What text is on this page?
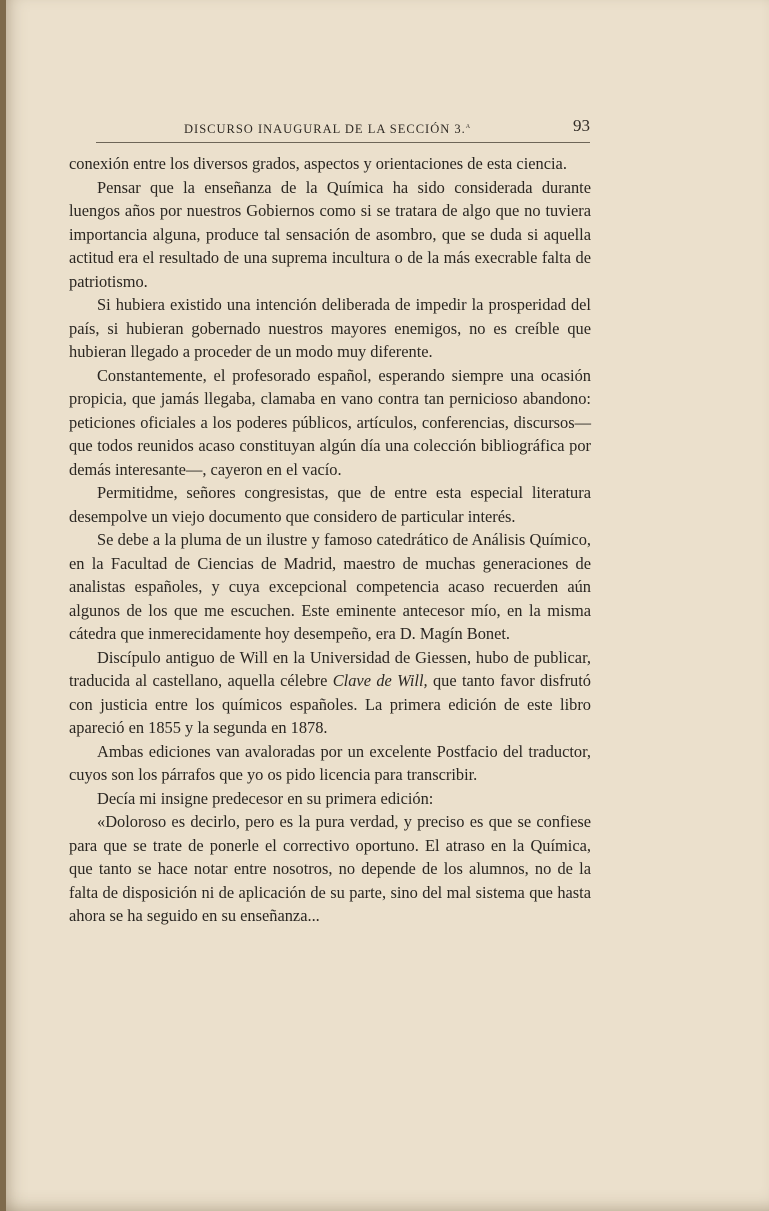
DISCURSO INAUGURAL DE LA SECCIÓN 3.$^a$	93

conexión entre los diversos grados, aspectos y orientaciones de esta ciencia.

Pensar que la enseñanza de la Química ha sido considerada durante luengos años por nuestros Gobiernos como si se tratara de algo que no tuviera importancia alguna, produce tal sensación de asombro, que se duda si aquella actitud era el resultado de una suprema incultura o de la más execrable falta de patriotismo.

Si hubiera existido una intención deliberada de impedir la prosperidad del país, si hubieran gobernado nuestros mayores enemigos, no es creíble que hubieran llegado a proceder de un modo muy diferente.

Constantemente, el profesorado español, esperando siempre una ocasión propicia, que jamás llegaba, clamaba en vano contra tan pernicioso abandono: peticiones oficiales a los poderes públicos, artículos, conferencias, discursos—que todos reunidos acaso constituyan algún día una colección bibliográfica por demás interesante—, cayeron en el vacío.

Permitidme, señores congresistas, que de entre esta especial literatura desempolve un viejo documento que considero de particular interés.

Se debe a la pluma de un ilustre y famoso catedrático de Análisis Químico, en la Facultad de Ciencias de Madrid, maestro de muchas generaciones de analistas españoles, y cuya excepcional competencia acaso recuerden aún algunos de los que me escuchen. Este eminente antecesor mío, en la misma cátedra que inmerecidamente hoy desempeño, era D. Magín Bonet.

Discípulo antiguo de Will en la Universidad de Giessen, hubo de publicar, traducida al castellano, aquella célebre Clave de Will, que tanto favor disfrutó con justicia entre los químicos españoles. La primera edición de este libro apareció en 1855 y la segunda en 1878.

Ambas ediciones van avaloradas por un excelente Postfacio del traductor, cuyos son los párrafos que yo os pido licencia para transcribir.

Decía mi insigne predecesor en su primera edición:

«Doloroso es decirlo, pero es la pura verdad, y preciso es que se confiese para que se trate de ponerle el correctivo oportuno. El atraso en la Química, que tanto se hace notar entre nosotros, no depende de los alumnos, no de la falta de disposición ni de aplicación de su parte, sino del mal sistema que hasta ahora se ha seguido en su enseñanza...
